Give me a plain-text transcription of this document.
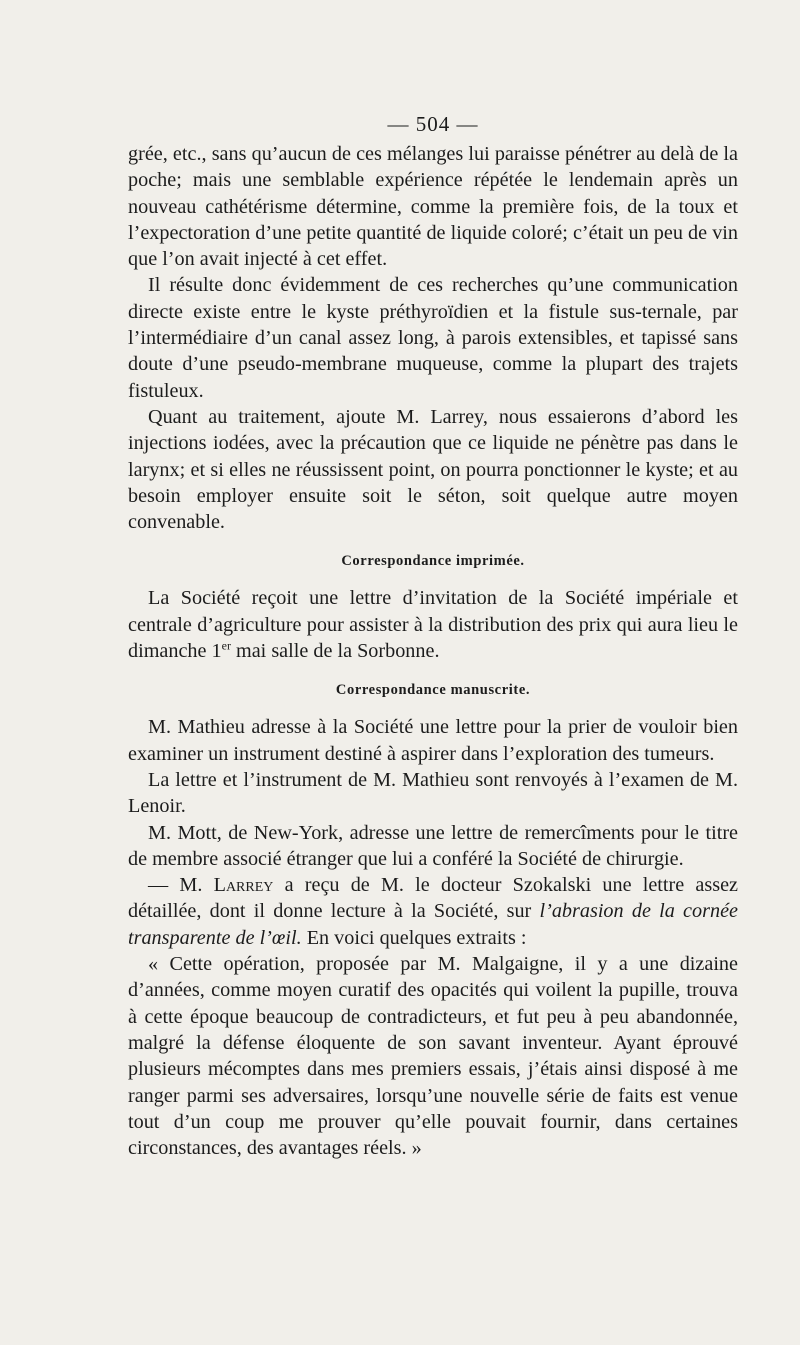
— 504 —

grée, etc., sans qu’aucun de ces mélanges lui paraisse pénétrer au delà de la poche; mais une semblable expérience répétée le lendemain après un nouveau cathétérisme détermine, comme la première fois, de la toux et l’expectoration d’une petite quantité de liquide coloré; c’était un peu de vin que l’on avait injecté à cet effet.

Il résulte donc évidemment de ces recherches qu’une communication directe existe entre le kyste préthyroïdien et la fistule sus-ternale, par l’intermédiaire d’un canal assez long, à parois extensibles, et tapissé sans doute d’une pseudo-membrane muqueuse, comme la plupart des trajets fistuleux.

Quant au traitement, ajoute M. Larrey, nous essaierons d’abord les injections iodées, avec la précaution que ce liquide ne pénètre pas dans le larynx; et si elles ne réussissent point, on pourra ponctionner le kyste; et au besoin employer ensuite soit le séton, soit quelque autre moyen convenable.

Correspondance imprimée.

La Société reçoit une lettre d’invitation de la Société impériale et centrale d’agriculture pour assister à la distribution des prix qui aura lieu le dimanche 1er mai salle de la Sorbonne.

Correspondance manuscrite.

M. Mathieu adresse à la Société une lettre pour la prier de vouloir bien examiner un instrument destiné à aspirer dans l’exploration des tumeurs.

La lettre et l’instrument de M. Mathieu sont renvoyés à l’examen de M. Lenoir.

M. Mott, de New-York, adresse une lettre de remercîments pour le titre de membre associé étranger que lui a conféré la Société de chirurgie.

— M. Larrey a reçu de M. le docteur Szokalski une lettre assez détaillée, dont il donne lecture à la Société, sur l’abrasion de la cornée transparente de l’œil. En voici quelques extraits :

« Cette opération, proposée par M. Malgaigne, il y a une dizaine d’années, comme moyen curatif des opacités qui voilent la pupille, trouva à cette époque beaucoup de contradicteurs, et fut peu à peu abandonnée, malgré la défense éloquente de son savant inventeur. Ayant éprouvé plusieurs mécomptes dans mes premiers essais, j’étais ainsi disposé à me ranger parmi ses adversaires, lorsqu’une nouvelle série de faits est venue tout d’un coup me prouver qu’elle pouvait fournir, dans certaines circonstances, des avantages réels. »
